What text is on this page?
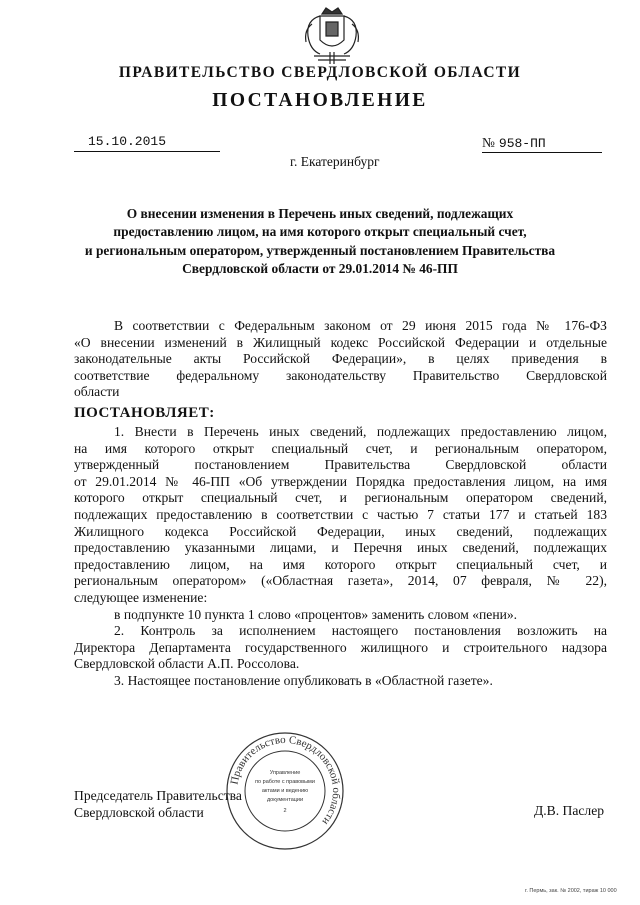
ПРАВИТЕЛЬСТВО СВЕРДЛОВСКОЙ ОБЛАСТИ
ПОСТАНОВЛЕНИЕ
15.10.2015	№ 958-ПП
г. Екатеринбург
О внесении изменения в Перечень иных сведений, подлежащих
предоставлению лицом, на имя которого открыт специальный счет,
и региональным оператором, утвержденный постановлением Правительства
Свердловской области от 29.01.2014 № 46-ПП
В соответствии с Федеральным законом от 29 июня 2015 года № 176-ФЗ
«О внесении изменений в Жилищный кодекс Российской Федерации и отдельные
законодательные акты Российской Федерации», в целях приведения в
соответствие федеральному законодательству Правительство Свердловской
области
ПОСТАНОВЛЯЕТ:
1. Внести в Перечень иных сведений, подлежащих предоставлению лицом,
на имя которого открыт специальный счет, и региональным оператором,
утвержденный постановлением Правительства Свердловской области
от 29.01.2014 № 46-ПП «Об утверждении Порядка предоставления лицом, на имя
которого открыт специальный счет, и региональным оператором сведений,
подлежащих предоставлению в соответствии с частью 7 статьи 177 и статьей 183
Жилищного кодекса Российской Федерации, иных сведений, подлежащих
предоставлению указанными лицами, и Перечня иных сведений, подлежащих
предоставлению лицом, на имя которого открыт специальный счет, и
региональным оператором» («Областная газета», 2014, 07 февраля, № 22),
следующее изменение:
в подпункте 10 пункта 1 слово «процентов» заменить словом «пени».
2. Контроль за исполнением настоящего постановления возложить на
Директора Департамента государственного жилищного и строительного надзора
Свердловской области А.П. Россолова.
3. Настоящее постановление опубликовать в «Областной газете».
Правительство Свердловской области
Управление
по работе с правовыми
актами и ведению
документации
2
Председатель Правительства
Свердловской области	Д.В. Паслер
г. Пермь, зак. № 2002, тираж 10 000
